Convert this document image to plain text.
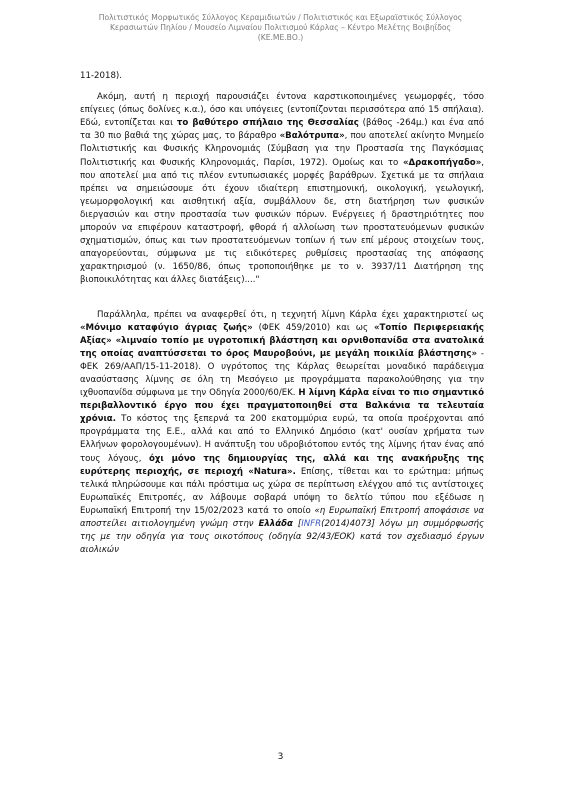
Πολιτιστικός Μορφωτικός Σύλλογος Κεραμιδιωτών / Πολιτιστικός και Εξωραϊστικός Σύλλογος
Κερασιωτών Πηλίου / Μουσείο Λιμναίου Πολιτισμού Κάρλας – Κέντρο Μελέτης Βοιβηΐδος
(ΚΕ.ΜΕ.ΒΟ.)

11-2018).

Ακόμη, αυτή η περιοχή παρουσιάζει έντονα καρστικοποιημένες γεωμορφές, τόσο επίγειες (όπως δολίνες κ.α.), όσο και υπόγειες (εντοπίζονται περισσότερα από 15 σπήλαια). Εδώ, εντοπίζεται και το βαθύτερο σπήλαιο της Θεσσαλίας (βάθος -264μ.) και ένα από τα 30 πιο βαθιά της χώρας μας, το βάραθρο «Βαλότρυπα», που αποτελεί ακίνητο Μνημείο Πολιτιστικής και Φυσικής Κληρονομιάς (Σύμβαση για την Προστασία της Παγκόσμιας Πολιτιστικής και Φυσικής Κληρονομιάς, Παρίσι, 1972). Ομοίως και το «Δρακοπήγαδο», που αποτελεί μια από τις πλέον εντυπωσιακές μορφές βαράθρων. Σχετικά με τα σπήλαια πρέπει να σημειώσουμε ότι έχουν ιδιαίτερη επιστημονική, οικολογική, γεωλογική, γεωμορφολογική και αισθητική αξία, συμβάλλουν δε, στη διατήρηση των φυσικών διεργασιών και στην προστασία των φυσικών πόρων. Ενέργειες ή δραστηριότητες που μπορούν να επιφέρουν καταστροφή, φθορά ή αλλοίωση των προστατευόμενων φυσικών σχηματισμών, όπως και των προστατευόμενων τοπίων ή των επί μέρους στοιχείων τους, απαγορεύονται, σύμφωνα με τις ειδικότερες ρυθμίσεις προστασίας της απόφασης χαρακτηρισμού (ν. 1650/86, όπως τροποποιήθηκε με το ν. 3937/11 Διατήρηση της βιοποικιλότητας και άλλες διατάξεις)...."

Παράλληλα, πρέπει να αναφερθεί ότι, η τεχνητή λίμνη Κάρλα έχει χαρακτηριστεί ως «Μόνιμο καταφύγιο άγριας ζωής» (ΦΕΚ 459/2010) και ως «Τοπίο Περιφερειακής Αξίας» «λιμναίο τοπίο με υγροτοπική βλάστηση και ορνιθοπανίδα στα ανατολικά της οποίας αναπτύσσεται το όρος Μαυροβούνι, με μεγάλη ποικιλία βλάστησης» - ΦΕΚ 269/ΑΑΠ/15-11-2018). Ο υγρότοπος της Κάρλας θεωρείται μοναδικό παράδειγμα ανασύστασης λίμνης σε όλη τη Μεσόγειο με προγράμματα παρακολούθησης για την ιχθυοπανίδα σύμφωνα με την Οδηγία 2000/60/ΕΚ. Η λίμνη Κάρλα είναι το πιο σημαντικό περιβαλλοντικό έργο που έχει πραγματοποιηθεί στα Βαλκάνια τα τελευταία χρόνια. Το κόστος της ξεπερνά τα 200 εκατομμύρια ευρώ, τα οποία προέρχονται από προγράμματα της Ε.Ε., αλλά και από το Ελληνικό Δημόσιο (κατ' ουσίαν χρήματα των Ελλήνων φορολογουμένων). Η ανάπτυξη του υδροβιότοπου εντός της λίμνης ήταν ένας από τους λόγους, όχι μόνο της δημιουργίας της, αλλά και της ανακήρυξης της ευρύτερης περιοχής, σε περιοχή «Natura». Επίσης, τίθεται και το ερώτημα: μήπως τελικά πληρώσουμε και πάλι πρόστιμα ως χώρα σε περίπτωση ελέγχου από τις αντίστοιχες Ευρωπαϊκές Επιτροπές, αν λάβουμε σοβαρά υπόψη το δελτίο τύπου που εξέδωσε η Ευρωπαϊκή Επιτροπή την 15/02/2023 κατά το οποίο «η Ευρωπαϊκή Επιτροπή αποφάσισε να αποστείλει αιτιολογημένη γνώμη στην Ελλάδα [INFR(2014)4073] λόγω μη συμμόρφωσής της με την οδηγία για τους οικοτόπους (οδηγία 92/43/ΕΟΚ) κατά τον σχεδιασμό έργων αιολικών

3
